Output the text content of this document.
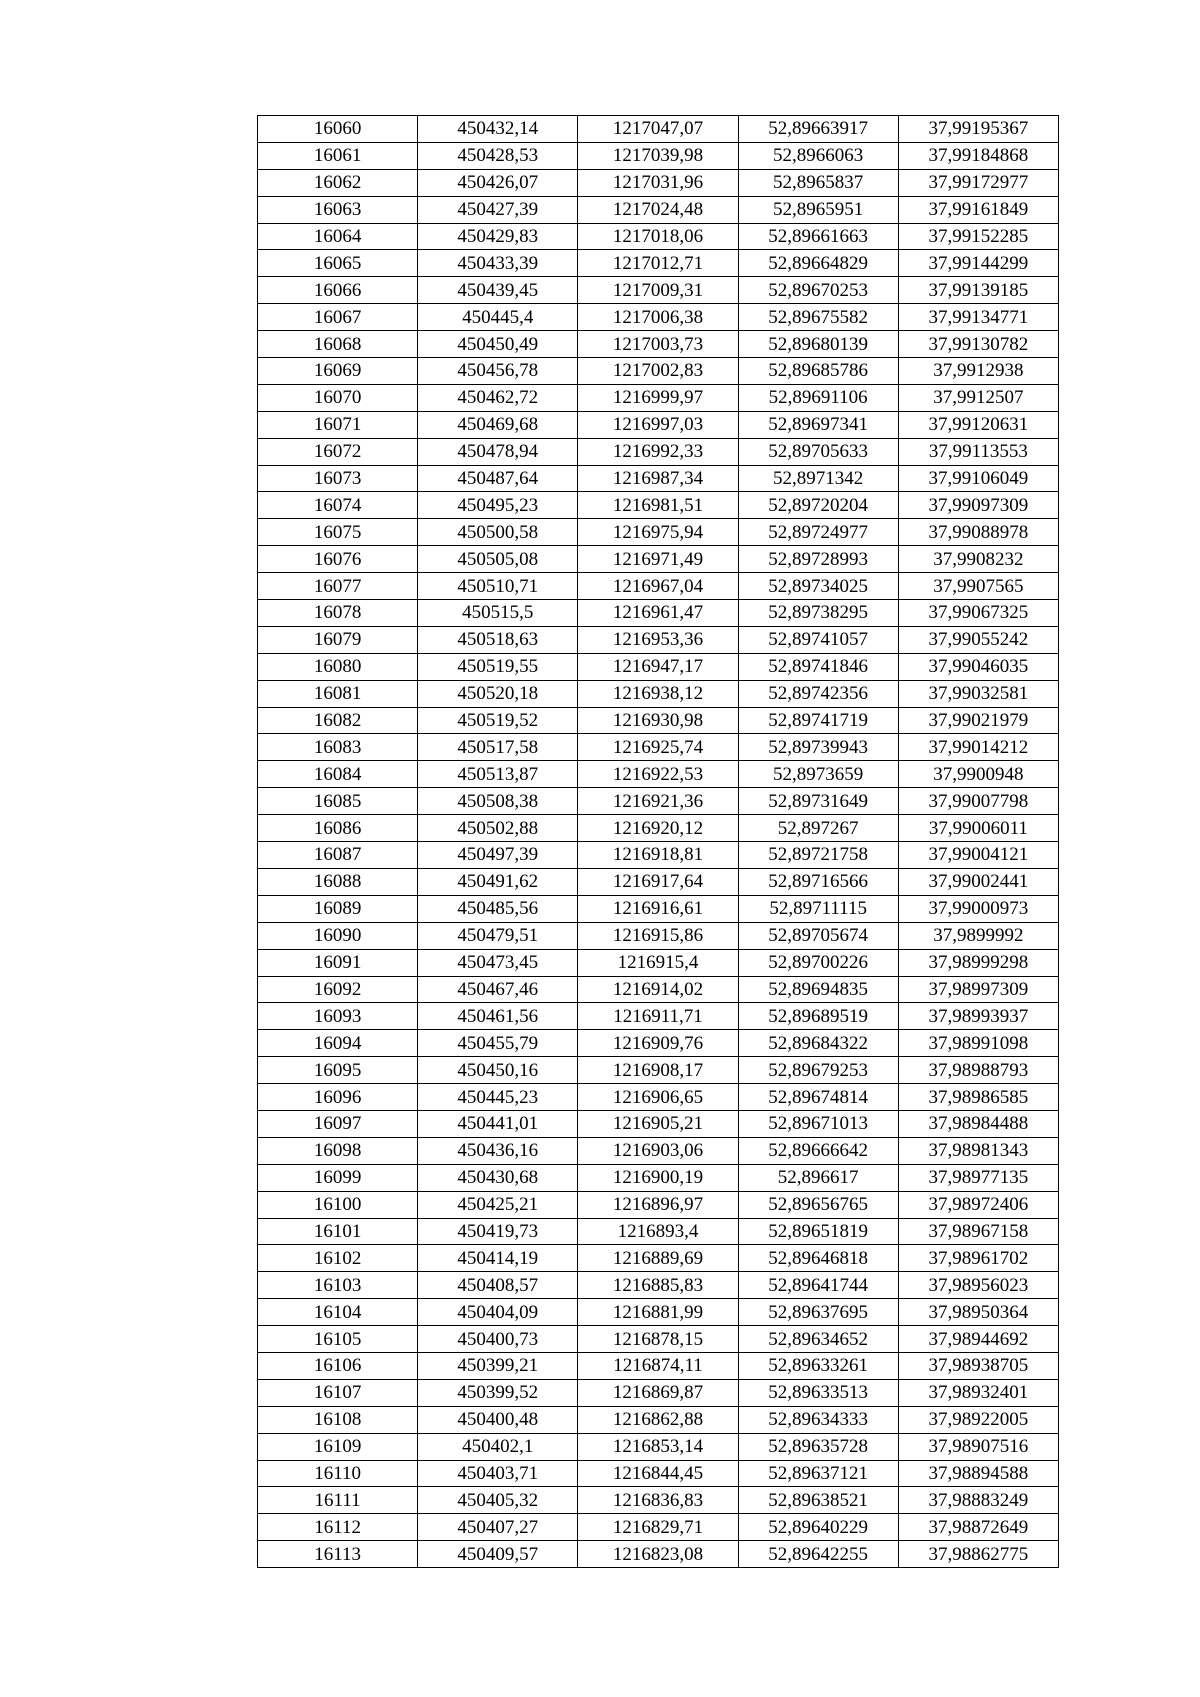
16060	450432,14	1217047,07	52,89663917	37,99195367
16061	450428,53	1217039,98	52,8966063	37,99184868
16062	450426,07	1217031,96	52,8965837	37,99172977
16063	450427,39	1217024,48	52,8965951	37,99161849
16064	450429,83	1217018,06	52,89661663	37,99152285
16065	450433,39	1217012,71	52,89664829	37,99144299
16066	450439,45	1217009,31	52,89670253	37,99139185
16067	450445,4	1217006,38	52,89675582	37,99134771
16068	450450,49	1217003,73	52,89680139	37,99130782
16069	450456,78	1217002,83	52,89685786	37,9912938
16070	450462,72	1216999,97	52,89691106	37,9912507
16071	450469,68	1216997,03	52,89697341	37,99120631
16072	450478,94	1216992,33	52,89705633	37,99113553
16073	450487,64	1216987,34	52,8971342	37,99106049
16074	450495,23	1216981,51	52,89720204	37,99097309
16075	450500,58	1216975,94	52,89724977	37,99088978
16076	450505,08	1216971,49	52,89728993	37,9908232
16077	450510,71	1216967,04	52,89734025	37,9907565
16078	450515,5	1216961,47	52,89738295	37,99067325
16079	450518,63	1216953,36	52,89741057	37,99055242
16080	450519,55	1216947,17	52,89741846	37,99046035
16081	450520,18	1216938,12	52,89742356	37,99032581
16082	450519,52	1216930,98	52,89741719	37,99021979
16083	450517,58	1216925,74	52,89739943	37,99014212
16084	450513,87	1216922,53	52,8973659	37,9900948
16085	450508,38	1216921,36	52,89731649	37,99007798
16086	450502,88	1216920,12	52,897267	37,99006011
16087	450497,39	1216918,81	52,89721758	37,99004121
16088	450491,62	1216917,64	52,89716566	37,99002441
16089	450485,56	1216916,61	52,89711115	37,99000973
16090	450479,51	1216915,86	52,89705674	37,9899992
16091	450473,45	1216915,4	52,89700226	37,98999298
16092	450467,46	1216914,02	52,89694835	37,98997309
16093	450461,56	1216911,71	52,89689519	37,98993937
16094	450455,79	1216909,76	52,89684322	37,98991098
16095	450450,16	1216908,17	52,89679253	37,98988793
16096	450445,23	1216906,65	52,89674814	37,98986585
16097	450441,01	1216905,21	52,89671013	37,98984488
16098	450436,16	1216903,06	52,89666642	37,98981343
16099	450430,68	1216900,19	52,896617	37,98977135
16100	450425,21	1216896,97	52,89656765	37,98972406
16101	450419,73	1216893,4	52,89651819	37,98967158
16102	450414,19	1216889,69	52,89646818	37,98961702
16103	450408,57	1216885,83	52,89641744	37,98956023
16104	450404,09	1216881,99	52,89637695	37,98950364
16105	450400,73	1216878,15	52,89634652	37,98944692
16106	450399,21	1216874,11	52,89633261	37,98938705
16107	450399,52	1216869,87	52,89633513	37,98932401
16108	450400,48	1216862,88	52,89634333	37,98922005
16109	450402,1	1216853,14	52,89635728	37,98907516
16110	450403,71	1216844,45	52,89637121	37,98894588
16111	450405,32	1216836,83	52,89638521	37,98883249
16112	450407,27	1216829,71	52,89640229	37,98872649
16113	450409,57	1216823,08	52,89642255	37,98862775
